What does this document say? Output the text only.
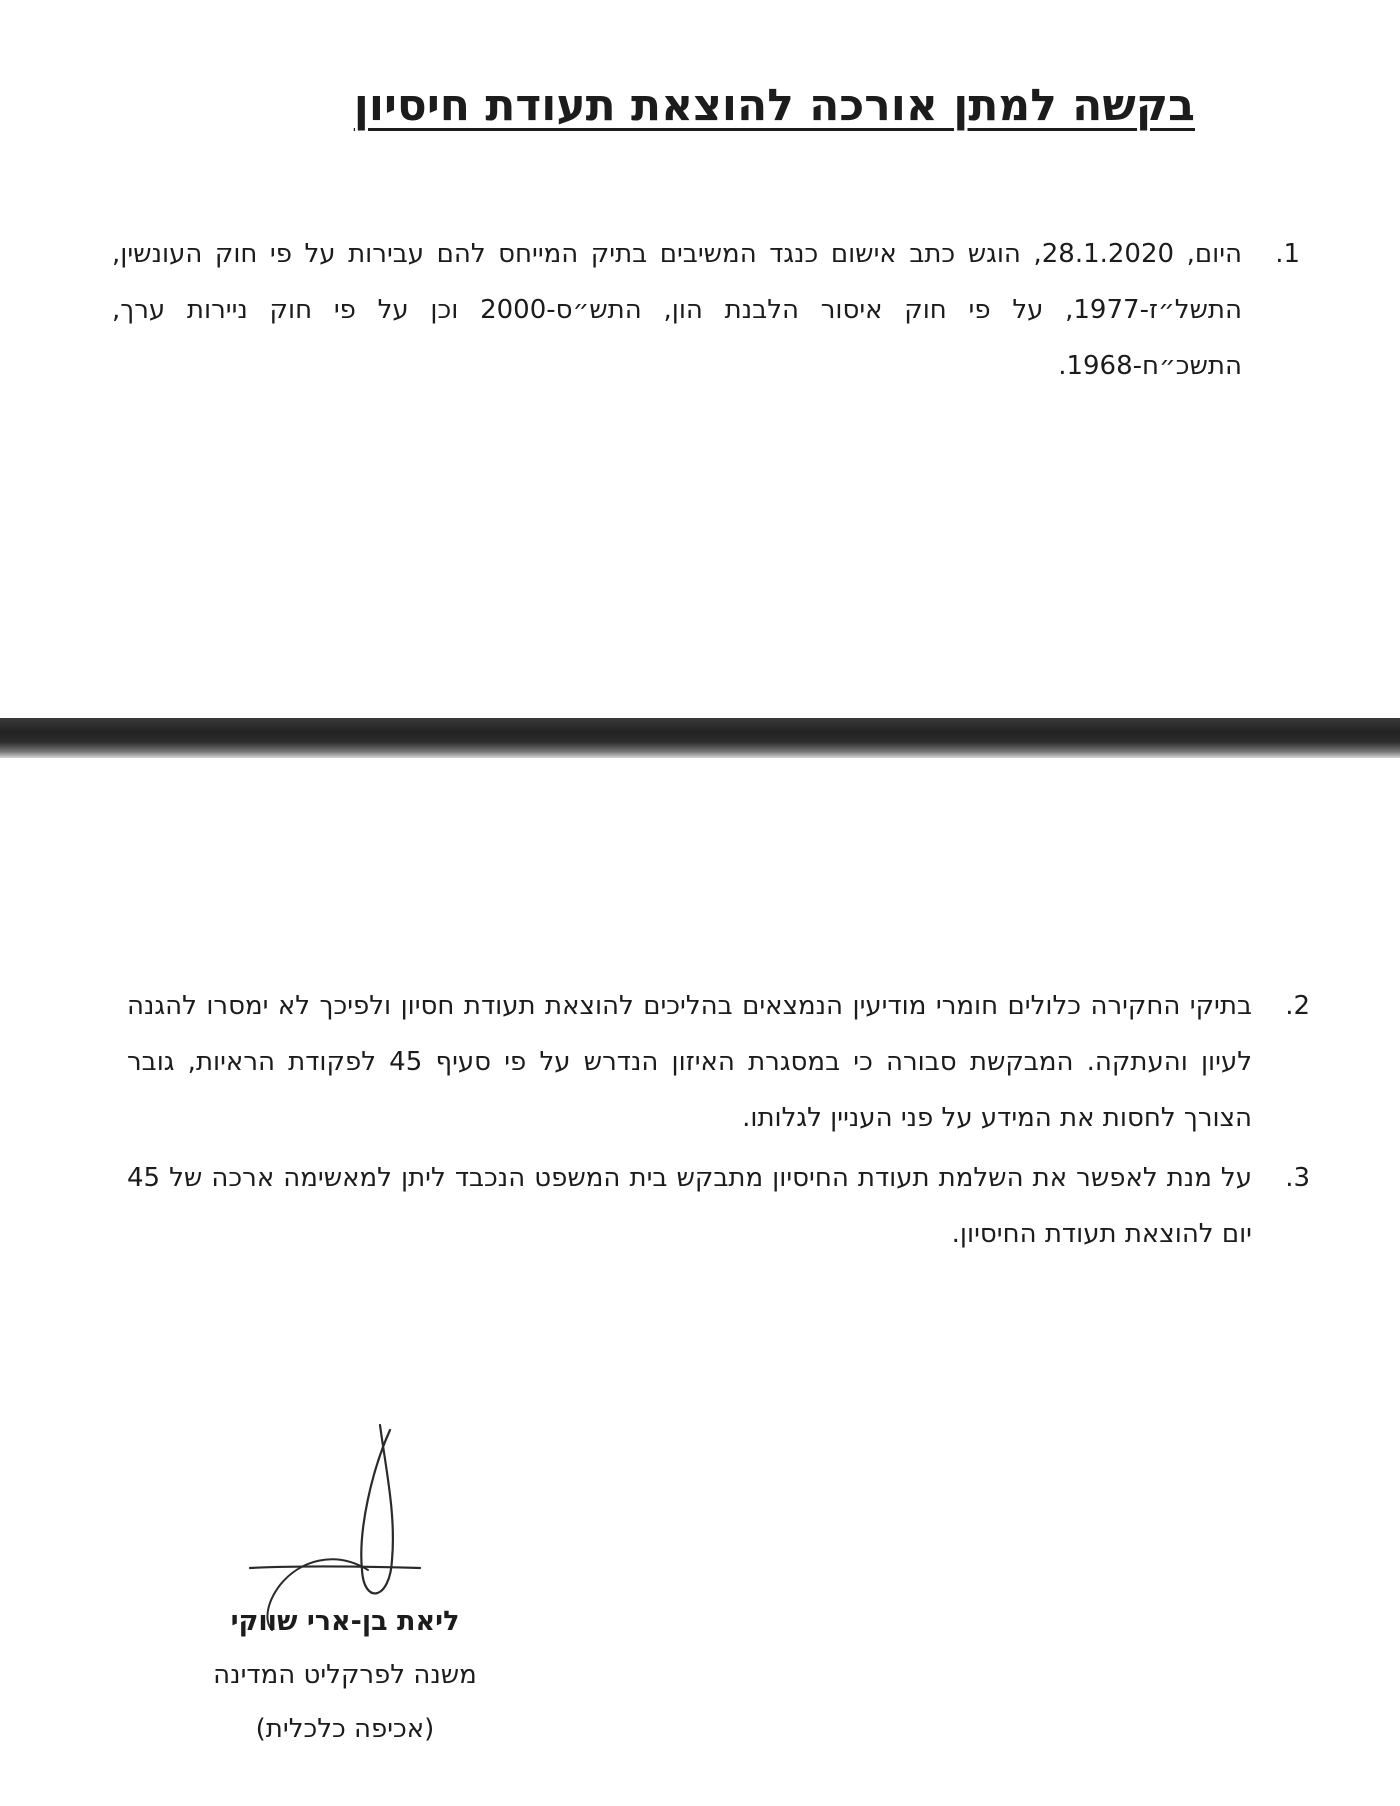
בקשה למתן אורכה להוצאת תעודת חיסיון
1.
היום, 28.1.2020, הוגש כתב אישום כנגד המשיבים בתיק המייחס להם עבירות על פי חוק העונשין, התשל״ז-1977, על פי חוק איסור הלבנת הון, התש״ס-2000 וכן על פי חוק ניירות ערך, התשכ״ח-1968.
2.
בתיקי החקירה כלולים חומרי מודיעין הנמצאים בהליכים להוצאת תעודת חסיון ולפיכך לא ימסרו להגנה לעיון והעתקה. המבקשת סבורה כי במסגרת האיזון הנדרש על פי סעיף 45 לפקודת הראיות, גובר הצורך לחסות את המידע על פני העניין לגלותו.
3.
על מנת לאפשר את השלמת תעודת החיסיון מתבקש בית המשפט הנכבד ליתן למאשימה ארכה של 45 יום להוצאת תעודת החיסיון.

ליאת בן-ארי שווקי

משנה לפרקליט המדינה

(אכיפה כלכלית)
